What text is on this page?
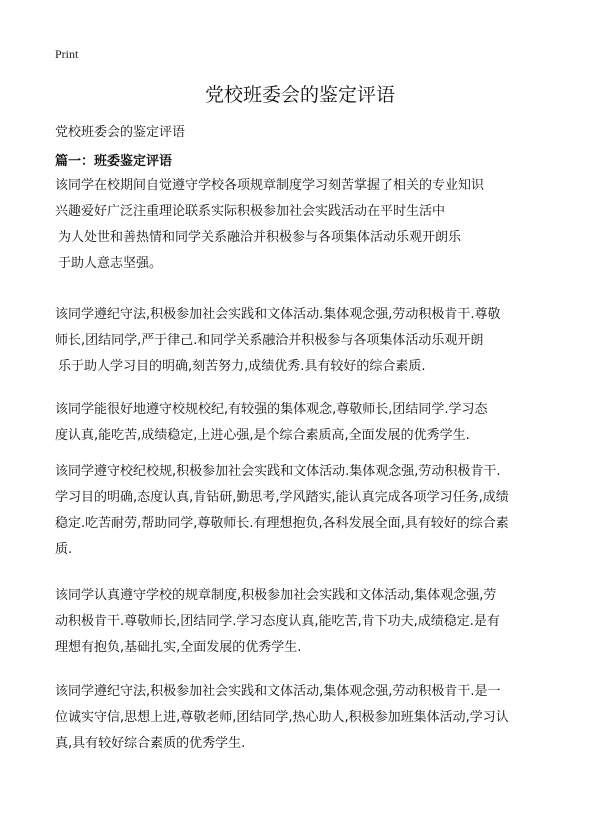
Print
党校班委会的鉴定评语
党校班委会的鉴定评语
篇一：班委鉴定评语
该同学在校期间自觉遵守学校各项规章制度学习刻苦掌握了相关的专业知识
兴趣爱好广泛注重理论联系实际积极参加社会实践活动在平时生活中
为人处世和善热情和同学关系融洽并积极参与各项集体活动乐观开朗乐
于助人意志坚强。
该同学遵纪守法,积极参加社会实践和文体活动.集体观念强,劳动积极肯干.尊敬
师长,团结同学,严于律己.和同学关系融洽并积极参与各项集体活动乐观开朗
乐于助人学习目的明确,刻苦努力,成绩优秀.具有较好的综合素质.
该同学能很好地遵守校规校纪,有较强的集体观念,尊敬师长,团结同学.学习态
度认真,能吃苦,成绩稳定,上进心强,是个综合素质高,全面发展的优秀学生.
该同学遵守校纪校规,积极参加社会实践和文体活动.集体观念强,劳动积极肯干.
学习目的明确,态度认真,肯钻研,勤思考,学风踏实,能认真完成各项学习任务,成绩
稳定.吃苦耐劳,帮助同学,尊敬师长.有理想抱负,各科发展全面,具有较好的综合素
质.
该同学认真遵守学校的规章制度,积极参加社会实践和文体活动,集体观念强,劳
动积极肯干.尊敬师长,团结同学.学习态度认真,能吃苦,肯下功夫,成绩稳定.是有
理想有抱负,基础扎实,全面发展的优秀学生.
该同学遵纪守法,积极参加社会实践和文体活动,集体观念强,劳动积极肯干.是一
位诚实守信,思想上进,尊敬老师,团结同学,热心助人,积极参加班集体活动,学习认
真,具有较好综合素质的优秀学生.
